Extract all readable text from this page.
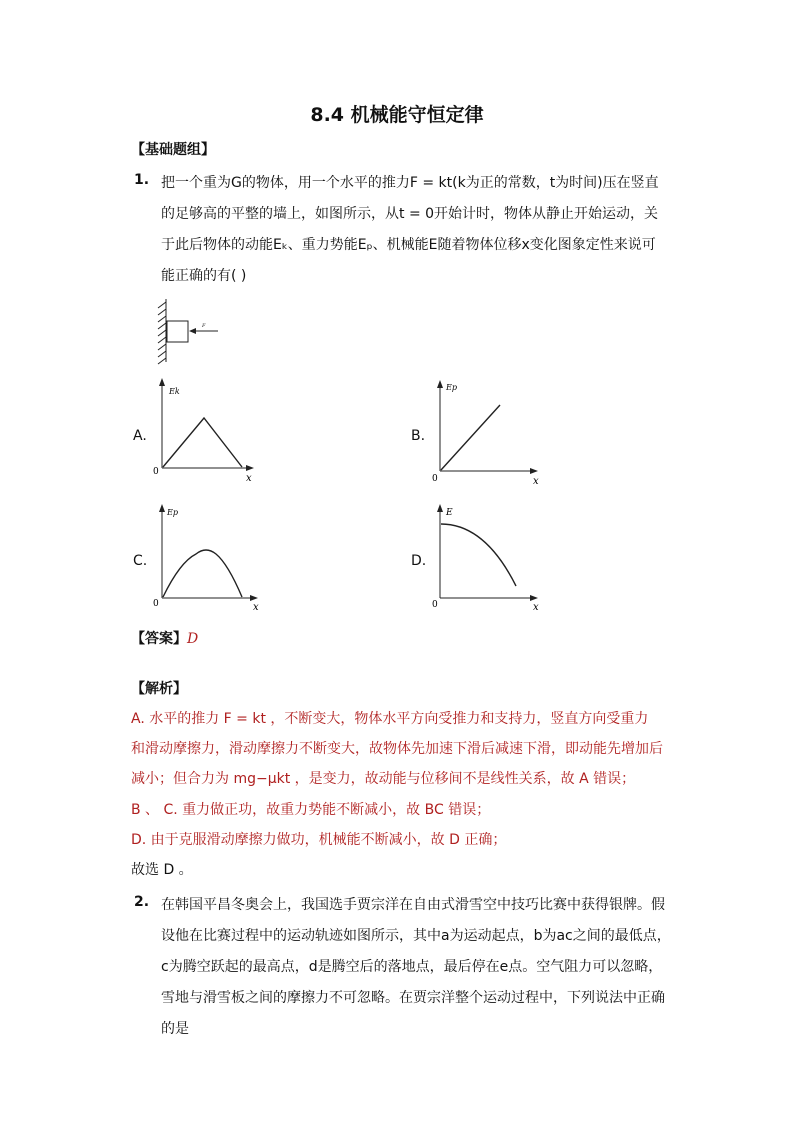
8.4 机械能守恒定律
【基础题组】
1. 把一个重为G的物体，用一个水平的推力F = kt(k为正的常数，t为时间)压在竖直
的足够高的平整的墙上，如图所示，从t = 0开始计时，物体从静止开始运动，关
于此后物体的动能Eₖ、重力势能Eₚ、机械能E随着物体位移x变化图象定性来说可
能正确的有( )
F
A.
Ek
0
x
B.
Ep
0	x
C.
Ep
0	x
D.
E
0	x
【答案】D
【解析】
A. 水平的推力 F = kt ，不断变大，物体水平方向受推力和支持力，竖直方向受重力
和滑动摩擦力，滑动摩擦力不断变大，故物体先加速下滑后减速下滑，即动能先增加后
减小；但合力为 mg−μkt ，是变力，故动能与位移间不是线性关系，故 A 错误；
B 、 C. 重力做正功，故重力势能不断减小，故 BC 错误；
D. 由于克服滑动摩擦力做功，机械能不断减小，故 D 正确；
故选 D 。
2. 在韩国平昌冬奥会上，我国选手贾宗洋在自由式滑雪空中技巧比赛中获得银牌。假
设他在比赛过程中的运动轨迹如图所示，其中a为运动起点，b为ac之间的最低点，
c为腾空跃起的最高点，d是腾空后的落地点，最后停在e点。空气阻力可以忽略，
雪地与滑雪板之间的摩擦力不可忽略。在贾宗洋整个运动过程中，下列说法中正确
的是
